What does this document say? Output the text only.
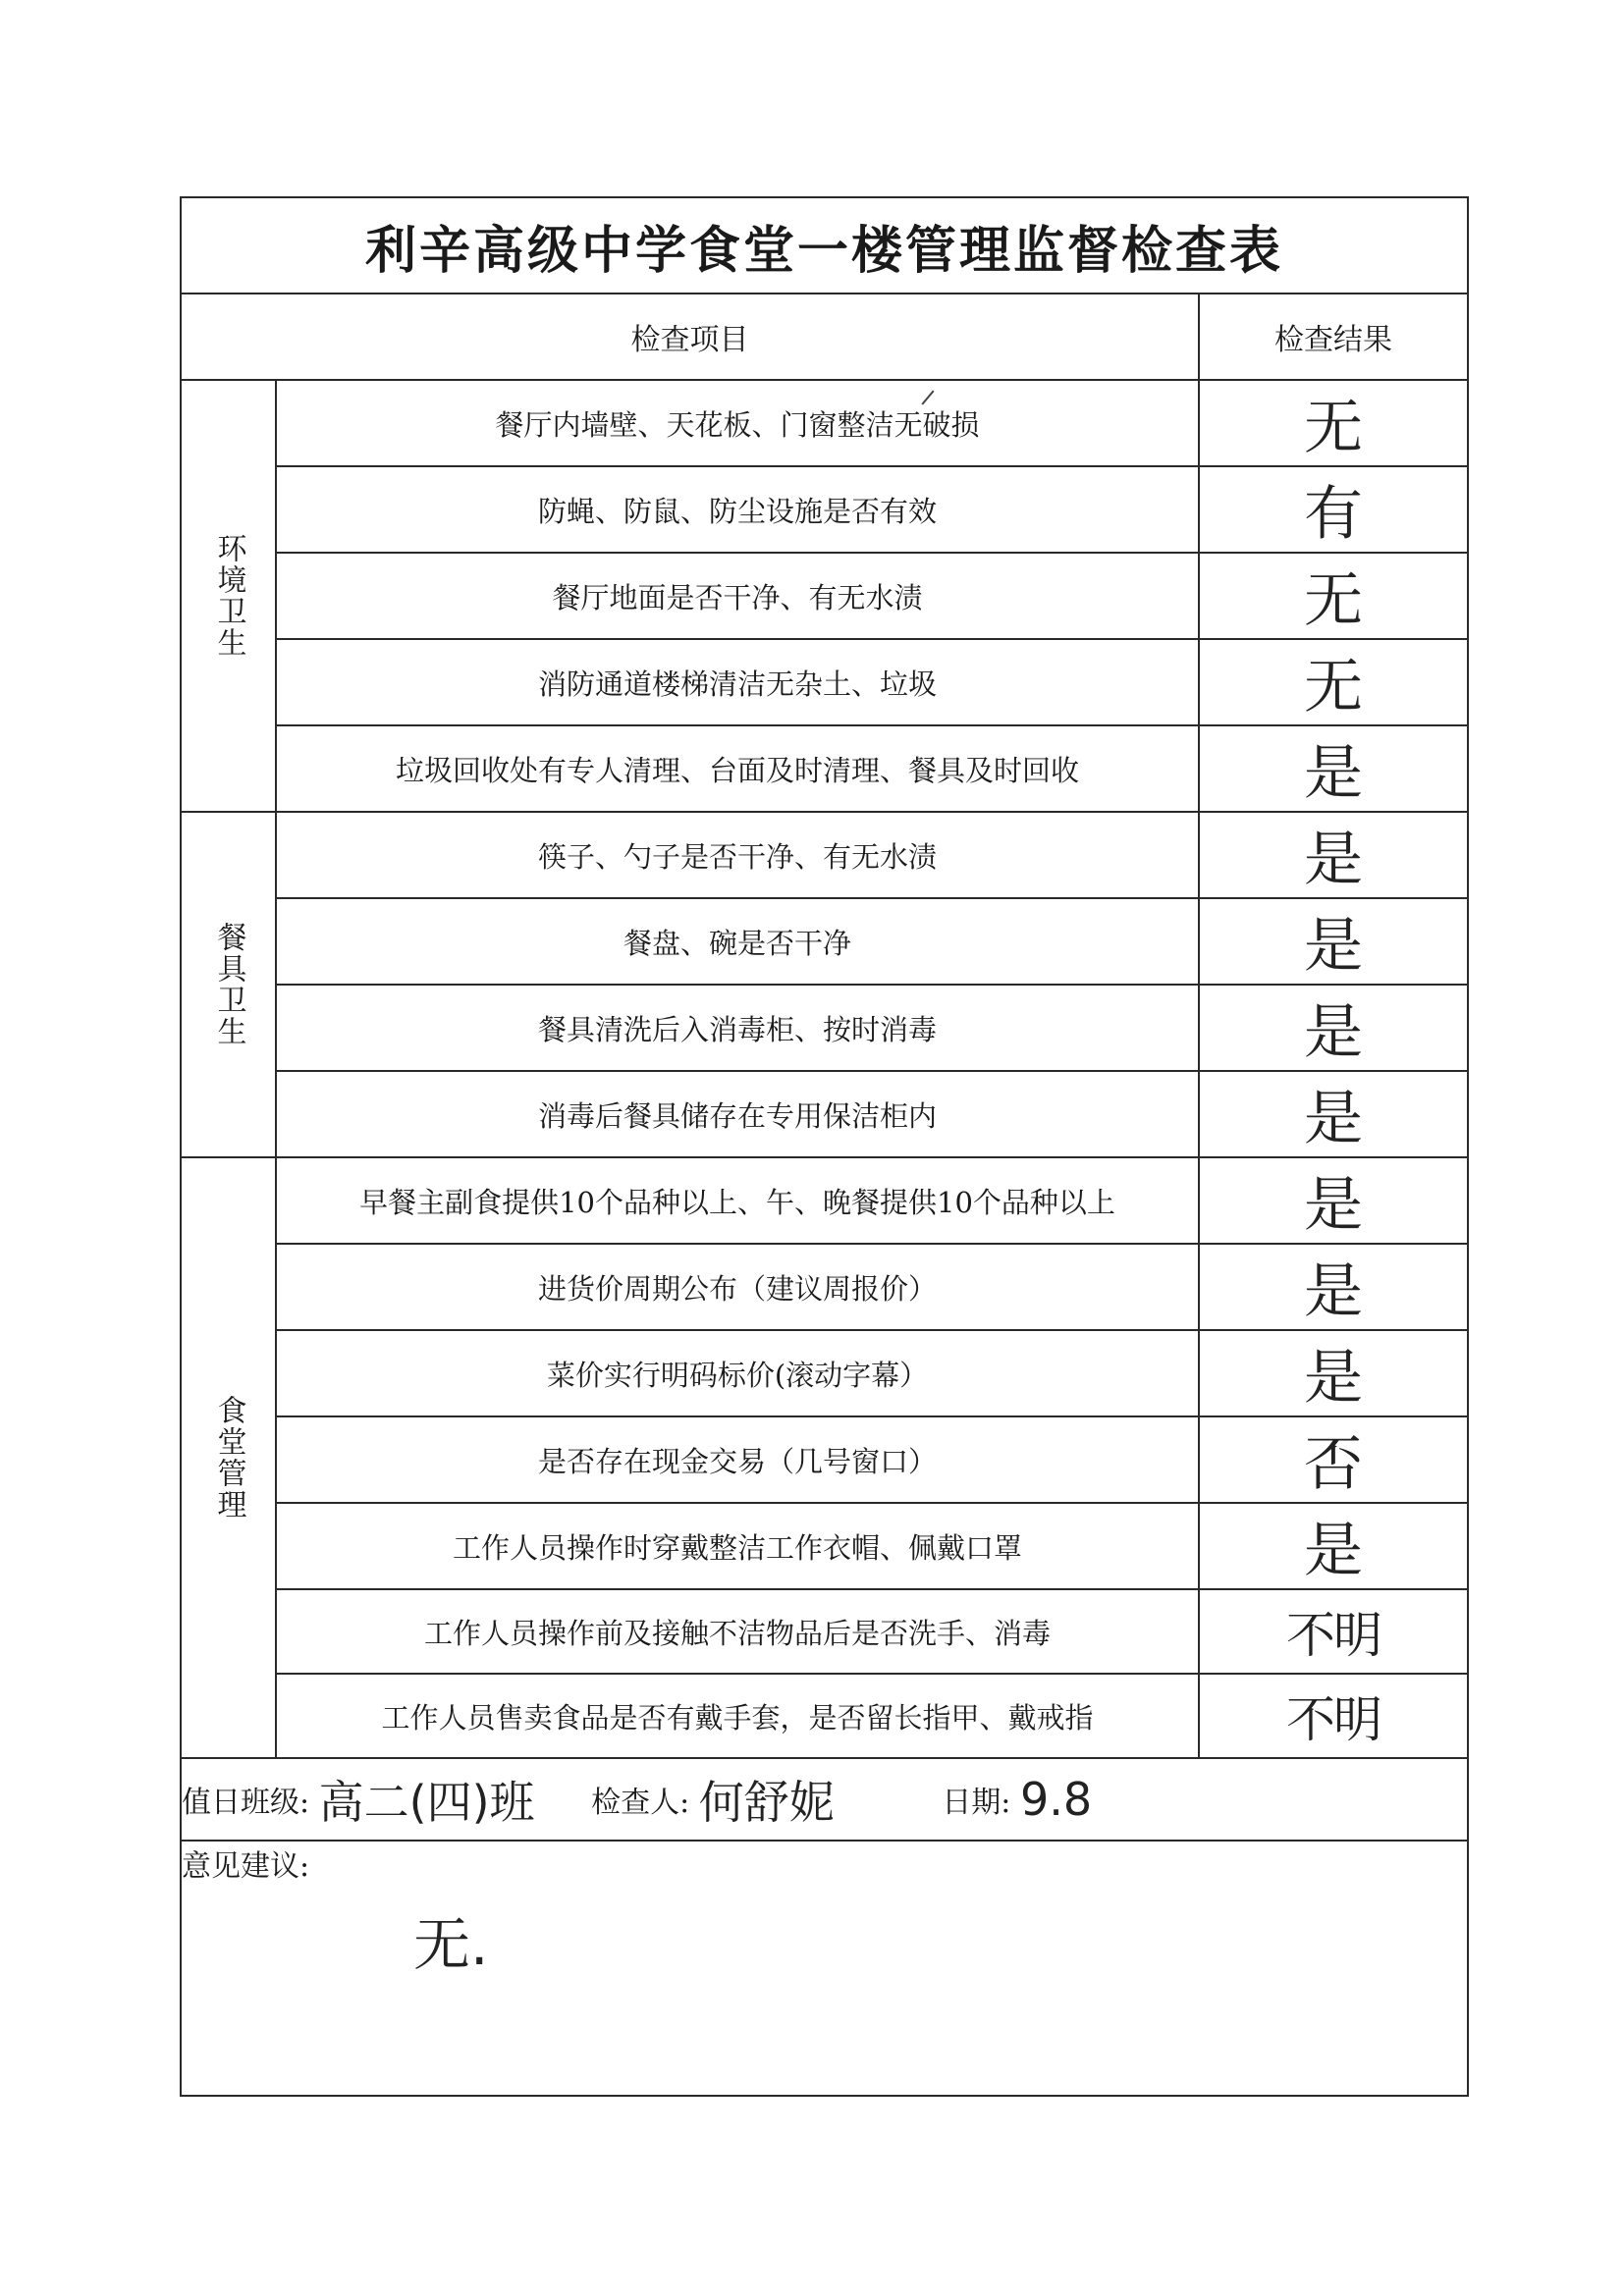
利辛高级中学食堂一楼管理监督检查表		
检查项目		检查结果
环境卫生	餐厅内墙壁、天花板、门窗整洁无破损	无
	防蝇、防鼠、防尘设施是否有效	有
	餐厅地面是否干净、有无水渍	无
	消防通道楼梯清洁无杂土、垃圾	无
	垃圾回收处有专人清理、台面及时清理、餐具及时回收	是
餐具卫生	筷子、勺子是否干净、有无水渍	是
	餐盘、碗是否干净	是
	餐具清洗后入消毒柜、按时消毒	是
	消毒后餐具储存在专用保洁柜内	是
食堂管理	早餐主副食提供10个品种以上、午、晚餐提供10个品种以上	是
	进货价周期公布（建议周报价）	是
	菜价实行明码标价(滚动字幕）	是
	是否存在现金交易（几号窗口）	否
	工作人员操作时穿戴整洁工作衣帽、佩戴口罩	是
	工作人员操作前及接触不洁物品后是否洗手、消毒	不明
	工作人员售卖食品是否有戴手套，是否留长指甲、戴戒指	不明
值日班级: 高二(四)班 检查人: 何舒妮 日期: 9.8		

意见建议:
无.		
